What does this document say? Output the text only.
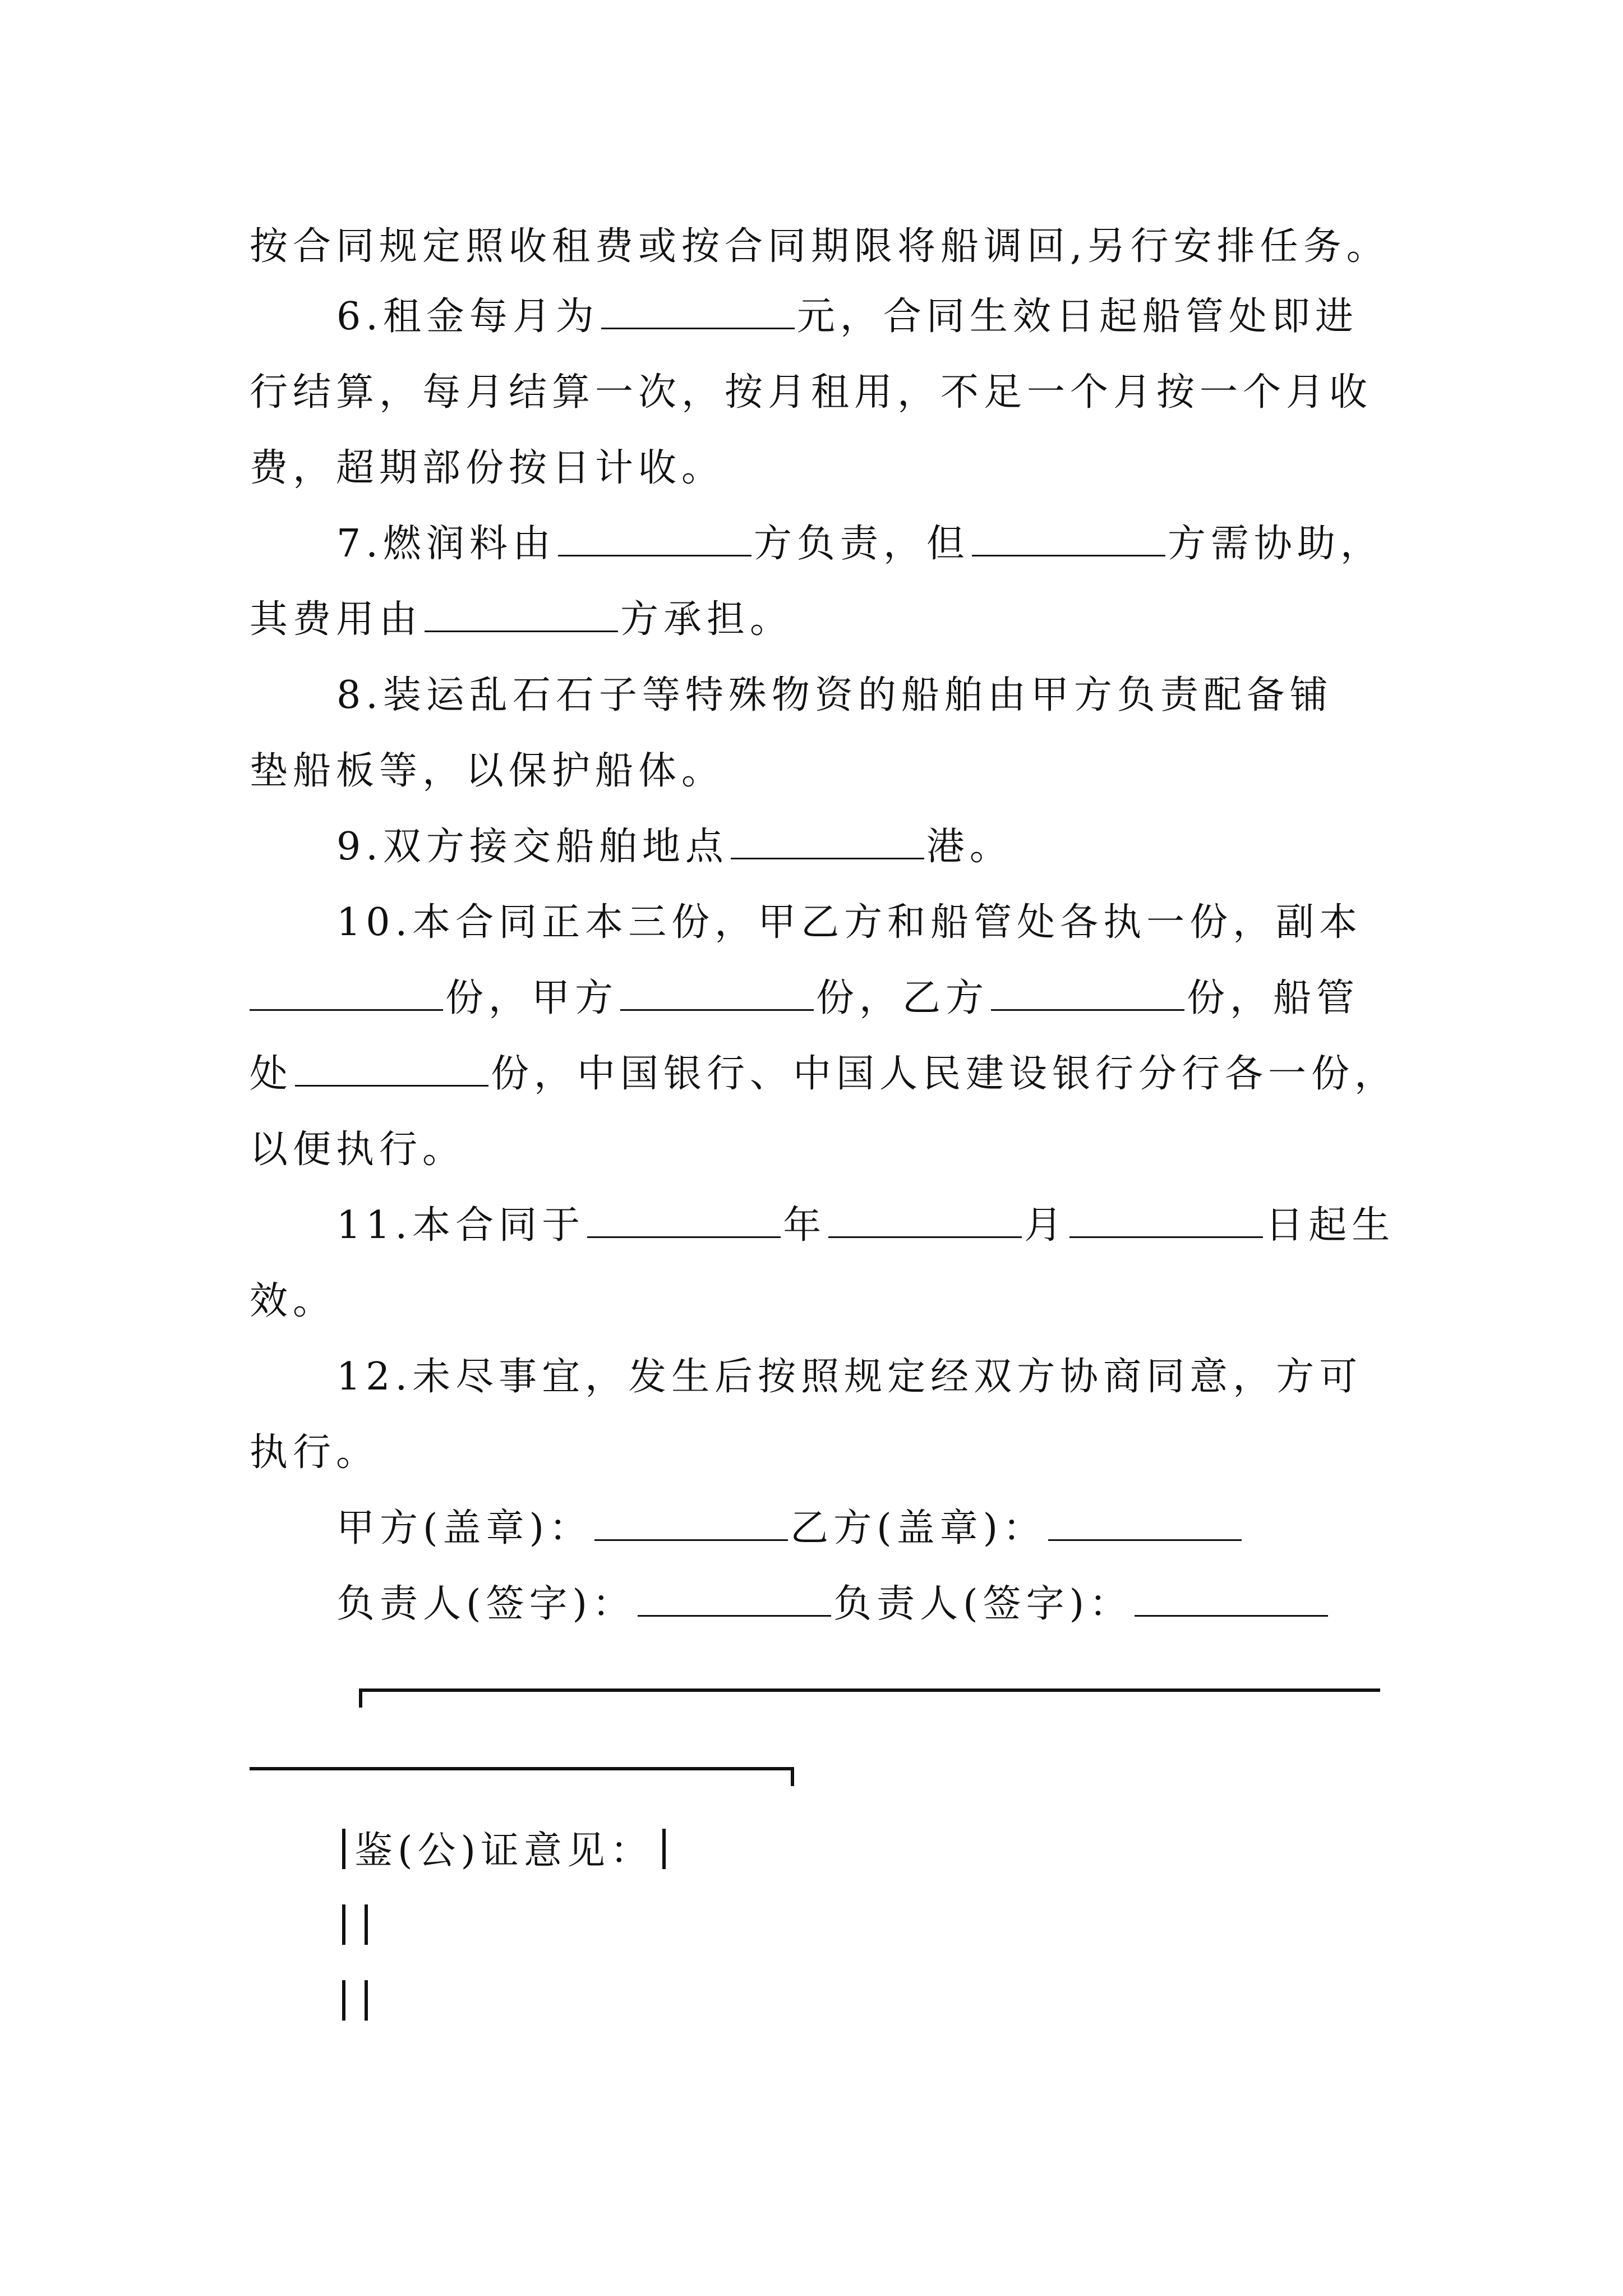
按合同规定照收租费或按合同期限将船调回,另行安排任务。
6.租金每月为	元，合同生效日起船管处即进
行结算，每月结算一次，按月租用，不足一个月按一个月收
费，超期部份按日计收。
7.燃润料由	方负责，但	方需协助，
其费用由	方承担。
8.装运乱石石子等特殊物资的船舶由甲方负责配备铺
垫船板等，以保护船体。
9.双方接交船舶地点	港。
10.本合同正本三份，甲乙方和船管处各执一份，副本
份，甲方	份，乙方	份，船管
处	份，中国银行、中国人民建设银行分行各一份，
以便执行。
11.本合同于	年	月	日起生
效。
12.未尽事宜，发生后按照规定经双方协商同意，方可
执行。
甲方(盖章)：	乙方(盖章)：
负责人(签字)：	负责人(签字)：
鉴(公)证意见：
